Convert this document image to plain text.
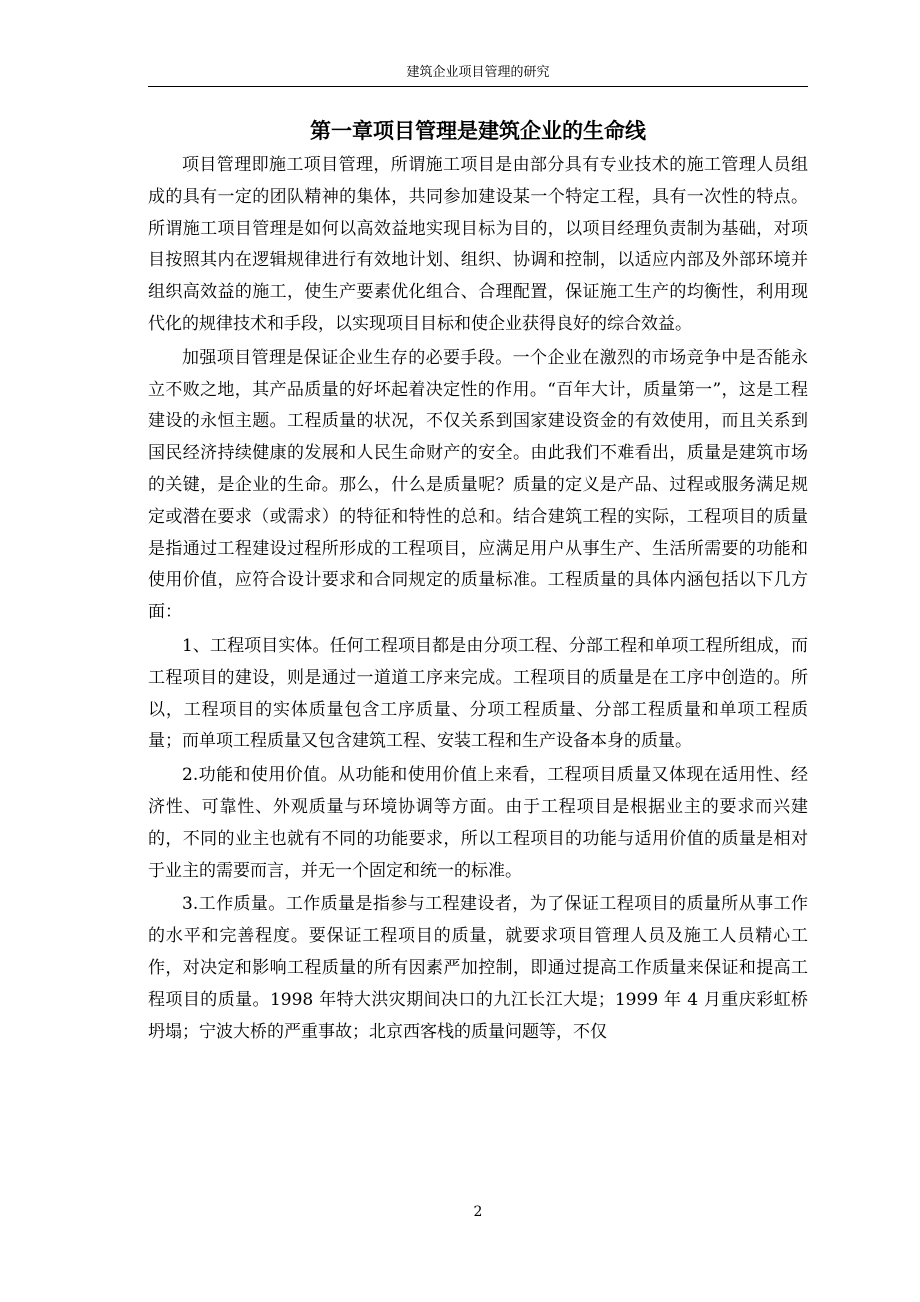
建筑企业项目管理的研究
第一章项目管理是建筑企业的生命线

项目管理即施工项目管理，所谓施工项目是由部分具有专业技术的施工管理人员组成的具有一定的团队精神的集体，共同参加建设某一个特定工程，具有一次性的特点。所谓施工项目管理是如何以高效益地实现目标为目的，以项目经理负责制为基础，对项目按照其内在逻辑规律进行有效地计划、组织、协调和控制，以适应内部及外部环境并组织高效益的施工，使生产要素优化组合、合理配置，保证施工生产的均衡性，利用现代化的规律技术和手段，以实现项目目标和使企业获得良好的综合效益。

加强项目管理是保证企业生存的必要手段。一个企业在激烈的市场竞争中是否能永立不败之地，其产品质量的好坏起着决定性的作用。“百年大计，质量第一”，这是工程建设的永恒主题。工程质量的状况，不仅关系到国家建设资金的有效使用，而且关系到国民经济持续健康的发展和人民生命财产的安全。由此我们不难看出，质量是建筑市场的关键，是企业的生命。那么，什么是质量呢？质量的定义是产品、过程或服务满足规定或潜在要求（或需求）的特征和特性的总和。结合建筑工程的实际，工程项目的质量是指通过工程建设过程所形成的工程项目，应满足用户从事生产、生活所需要的功能和使用价值，应符合设计要求和合同规定的质量标准。工程质量的具体内涵包括以下几方面：

1、工程项目实体。任何工程项目都是由分项工程、分部工程和单项工程所组成，而工程项目的建设，则是通过一道道工序来完成。工程项目的质量是在工序中创造的。所以，工程项目的实体质量包含工序质量、分项工程质量、分部工程质量和单项工程质量；而单项工程质量又包含建筑工程、安装工程和生产设备本身的质量。

2.功能和使用价值。从功能和使用价值上来看，工程项目质量又体现在适用性、经济性、可靠性、外观质量与环境协调等方面。由于工程项目是根据业主的要求而兴建的，不同的业主也就有不同的功能要求，所以工程项目的功能与适用价值的质量是相对于业主的需要而言，并无一个固定和统一的标准。

3.工作质量。工作质量是指参与工程建设者，为了保证工程项目的质量所从事工作的水平和完善程度。要保证工程项目的质量，就要求项目管理人员及施工人员精心工作，对决定和影响工程质量的所有因素严加控制，即通过提高工作质量来保证和提高工程项目的质量。1998 年特大洪灾期间决口的九江长江大堤；1999 年 4 月重庆彩虹桥坍塌；宁波大桥的严重事故；北京西客栈的质量问题等，不仅

2
